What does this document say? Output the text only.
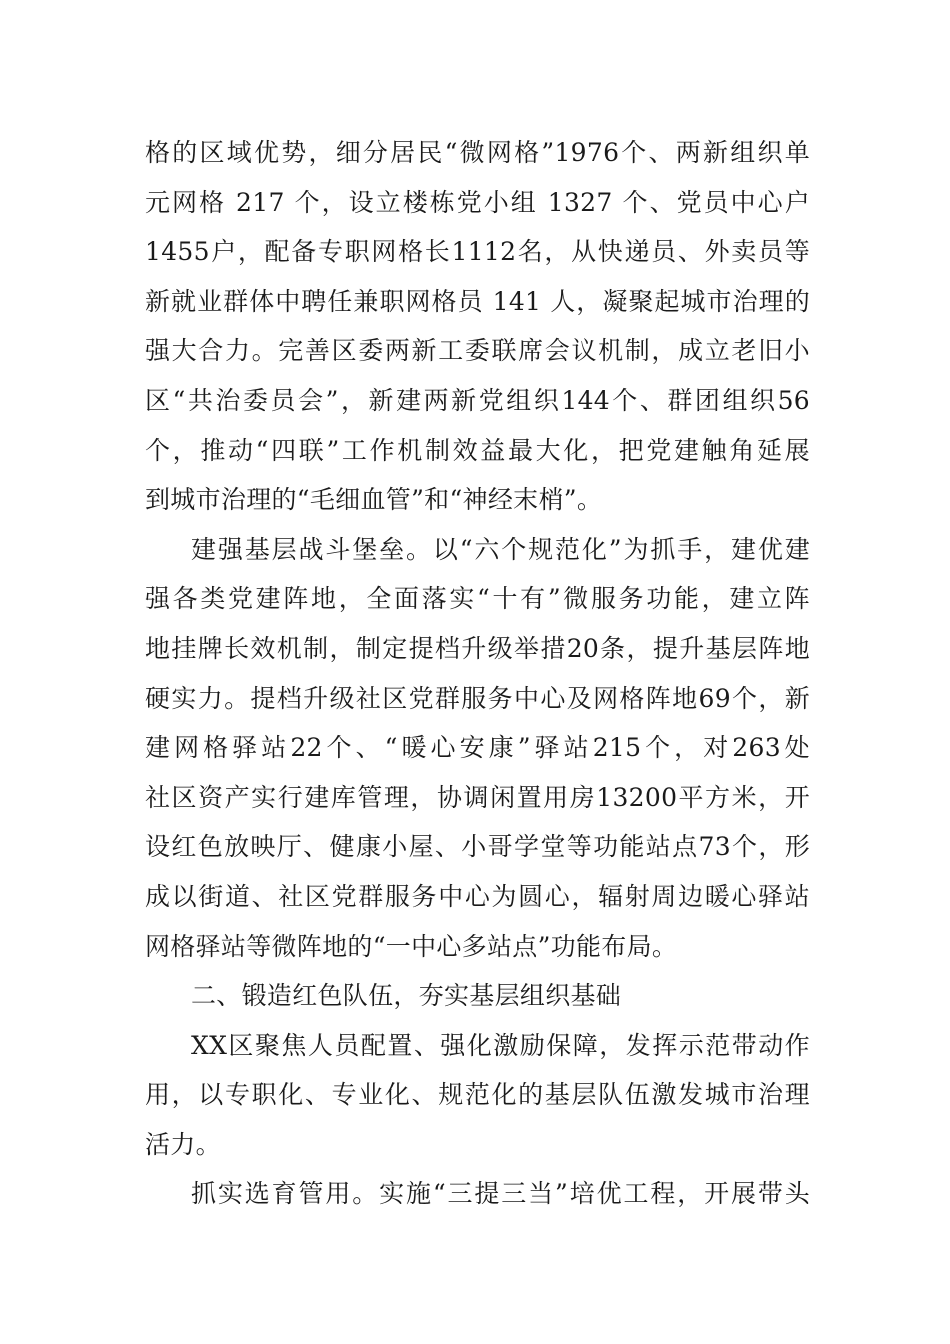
格的区域优势，细分居民“微网格”1976个、两新组织单
元网格 217 个，设立楼栋党小组 1327 个、党员中心户
1455户，配备专职网格长1112名，从快递员、外卖员等
新就业群体中聘任兼职网格员 141 人，凝聚起城市治理的
强大合力。完善区委两新工委联席会议机制，成立老旧小
区“共治委员会”，新建两新党组织144个、群团组织56
个，推动“四联”工作机制效益最大化，把党建触角延展
到城市治理的“毛细血管”和“神经末梢”。
建强基层战斗堡垒。以“六个规范化”为抓手，建优建
强各类党建阵地，全面落实“十有”微服务功能，建立阵
地挂牌长效机制，制定提档升级举措20条，提升基层阵地
硬实力。提档升级社区党群服务中心及网格阵地69个，新
建网格驿站22个、“暖心安康”驿站215个，对263处
社区资产实行建库管理，协调闲置用房13200平方米，开
设红色放映厅、健康小屋、小哥学堂等功能站点73个，形
成以街道、社区党群服务中心为圆心，辐射周边暖心驿站
网格驿站等微阵地的“一中心多站点”功能布局。
二、锻造红色队伍，夯实基层组织基础
XX区聚焦人员配置、强化激励保障，发挥示范带动作
用，以专职化、专业化、规范化的基层队伍激发城市治理
活力。
抓实选育管用。实施“三提三当”培优工程，开展带头
